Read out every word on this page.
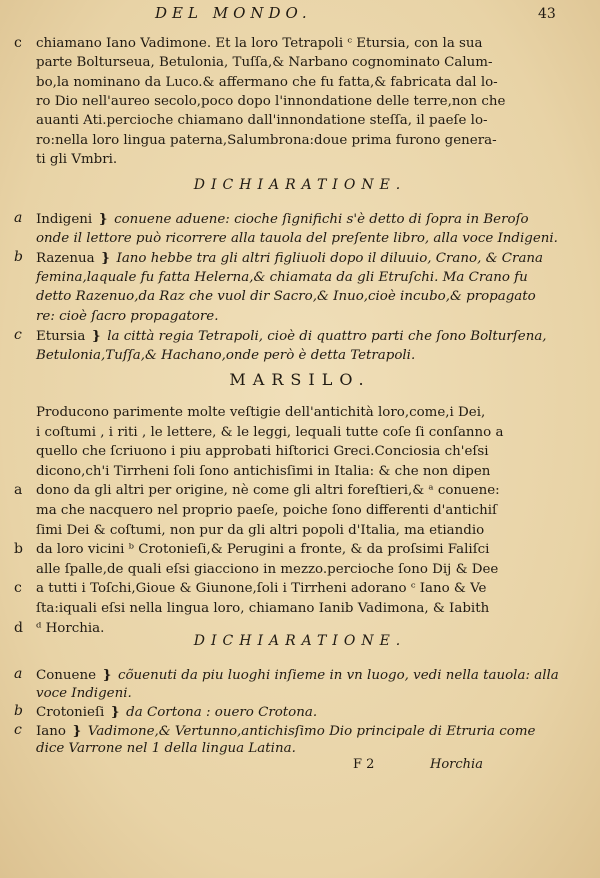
DEL MONDO.	43
c chiamano Iano Vadimone. Et la loro Tetrapoli ᶜ Etursia, con la sua
parte Bolturseua, Betulonia, Tuſſa,& Narbano cognominato Calum-
bo,la nominano da Luco.& affermano che fu fatta,& fabricata dal lo-
ro Dio nell'aureo secolo,poco dopo l'innondatione delle terre,non che
auanti Ati.percioche chiamano dall'innondatione steſſa, il paeſe lo-
ro:nella loro lingua paterna,Salumbrona:doue prima furono genera-
ti gli Vmbri.
DICHIARATIONE.
a Indigeni } conuene aduene: cioche ſignifichi s'è detto di ſopra in Beroſo
onde il lettore può ricorrere alla tauola del preſente libro, alla voce Indigeni.
b Razenua } Iano hebbe tra gli altri figliuoli dopo il diluuio, Crano, & Crana
femina,laquale fu fatta Helerna,& chiamata da gli Etruſchi. Ma Crano fu
detto Razenuo,da Raz che vuol dir Sacro,& Inuo,cioè incubo,& propagato
re: cioè ſacro propagatore.
c Etursia } la città regia Tetrapoli, cioè di quattro parti che ſono Bolturſena,
Betulonia,Tuſſa,& Hachano,onde però è detta Tetrapoli.
MARSILO.
Producono parimente molte veſtigie dell'antichità loro,come,i Dei,
i coſtumi , i riti , le lettere, & le leggi, lequali tutte coſe ſi conſanno a
quello che ſcriuono i piu approbati hiſtorici Greci.Conciosia ch'eſsi
dicono,ch'i Tirrheni ſoli ſono antichisſimi in Italia: & che non dipen
a dono da gli altri per origine, nè come gli altri foreſtieri,& ᵃ conuene:
ma che nacquero nel proprio paeſe, poiche ſono differenti d'antichiſ
ſimi Dei & coſtumi, non pur da gli altri popoli d'Italia, ma etiandio
b da loro vicini ᵇ Crotonieſi,& Perugini a fronte, & da proſsimi Faliſci
alle ſpalle,de quali eſsi giacciono in mezzo.percioche ſono Dij & Dee
c a tutti i Toſchi,Gioue & Giunone,ſoli i Tirrheni adorano ᶜ Iano & Ve
ſta:iquali eſsi nella lingua loro, chiamano Ianib Vadimona, & Iabith
d ᵈ Horchia.
DICHIARATIONE.
a Conuene } cõuenuti da piu luoghi inſieme in vn luogo, vedi nella tauola: alla
voce Indigeni.
b Crotonieſi } da Cortona : ouero Crotona.
c Iano } Vadimone,& Vertunno,antichisſimo Dio principale di Etruria come
dice Varrone nel 1 della lingua Latina.
F 2	Horchia
